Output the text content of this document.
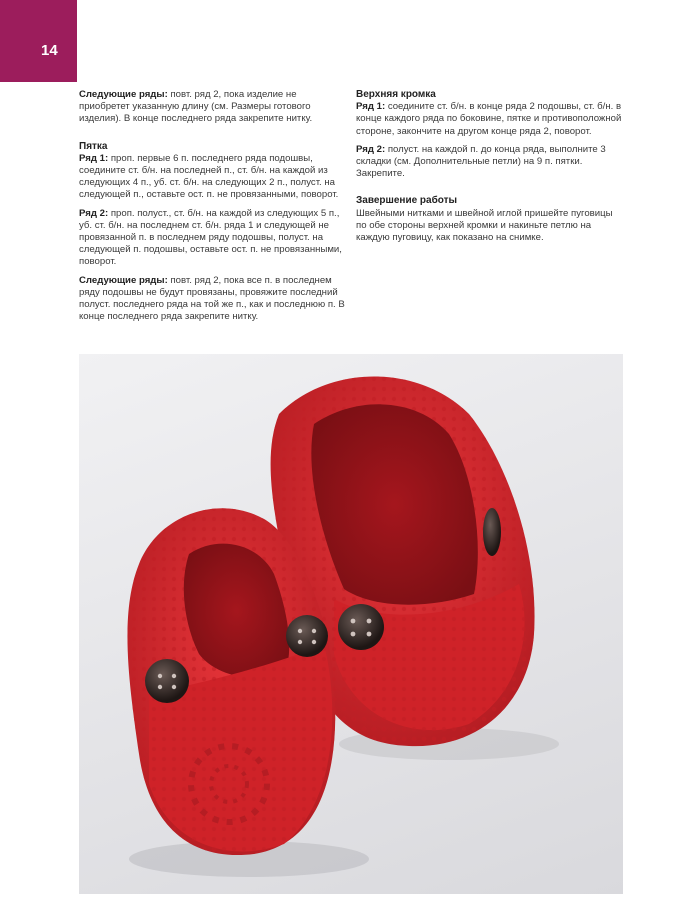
14

Следующие ряды: повт. ряд 2, пока изделие не приобретет указанную длину (см. Размеры готового изделия). В конце последнего ряда закрепите нитку.

Пятка

Ряд 1: проп. первые 6 п. последнего ряда подошвы, соедините ст. б/н. на последней п., ст. б/н. на каждой из следующих 4 п., уб. ст. б/н. на следующих 2 п., полуст. на следующей п., оставьте ост. п. не провязанными, поворот.

Ряд 2: проп. полуст., ст. б/н. на каждой из следующих 5 п., уб. ст. б/н. на последнем ст. б/н. ряда 1 и следующей не провязанной п. в последнем ряду подошвы, полуст. на следующей п. подошвы, оставьте ост. п. не провязанными, поворот.

Следующие ряды: повт. ряд 2, пока все п. в последнем ряду подошвы не будут провязаны, провяжите последний полуст. последнего ряда на той же п., как и последнюю п. В конце последнего ряда закрепите нитку.

Верхняя кромка

Ряд 1: соедините ст. б/н. в конце ряда 2 подошвы, ст. б/н. в конце каждого ряда по боковине, пятке и противоположной стороне, закончите на другом конце ряда 2, поворот.

Ряд 2: полуст. на каждой п. до конца ряда, выполните 3 складки (см. Дополнительные петли) на 9 п. пятки. Закрепите.

Завершение работы

Швейными нитками и швейной иглой пришейте пуговицы по обе стороны верхней кромки и накиньте петлю на каждую пуговицу, как показано на снимке.
